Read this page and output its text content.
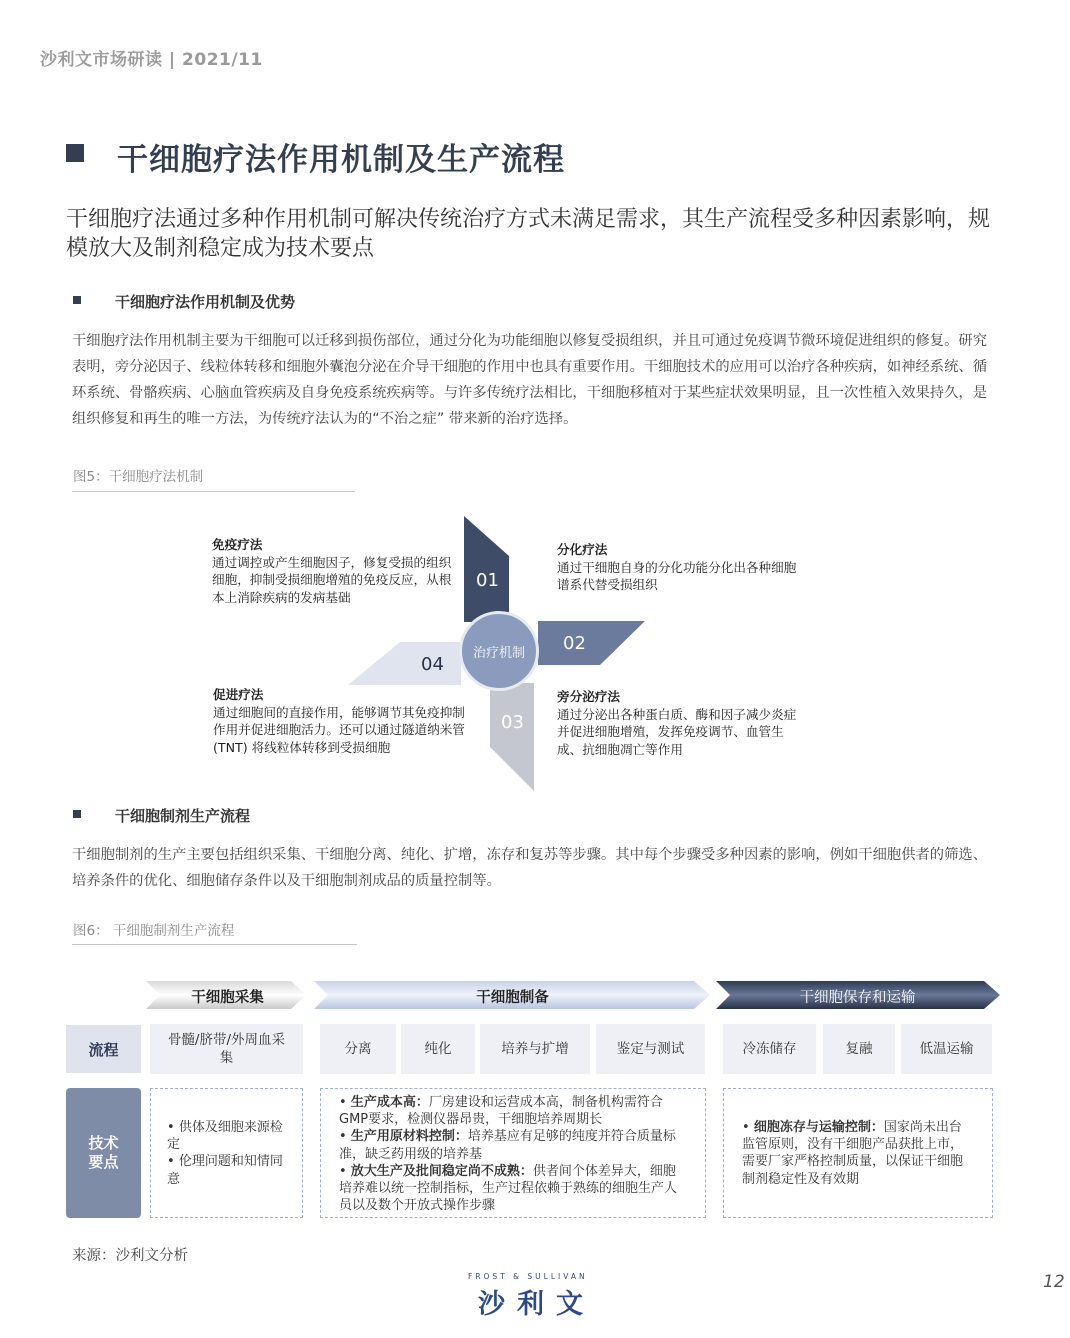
沙利文市场研读 | 2021/11
干细胞疗法作用机制及生产流程
干细胞疗法通过多种作用机制可解决传统治疗方式未满足需求，其生产流程受多种因素影响，规模放大及制剂稳定成为技术要点
干细胞疗法作用机制及优势
干细胞疗法作用机制主要为干细胞可以迁移到损伤部位，通过分化为功能细胞以修复受损组织，并且可通过免疫调节微环境促进组织的修复。研究表明，旁分泌因子、线粒体转移和细胞外囊泡分泌在介导干细胞的作用中也具有重要作用。干细胞技术的应用可以治疗各种疾病，如神经系统、循环系统、骨骼疾病、心脑血管疾病及自身免疫系统疾病等。与许多传统疗法相比，干细胞移植对于某些症状效果明显，且一次性植入效果持久，是组织修复和再生的唯一方法，为传统疗法认为的“不治之症” 带来新的治疗选择。
图5：干细胞疗法机制
01
02
03
04
治疗机制
免疫疗法
通过调控或产生细胞因子，修复受损的组织细胞，抑制受损细胞增殖的免疫反应，从根本上消除疾病的发病基础
分化疗法
通过干细胞自身的分化功能分化出各种细胞谱系代替受损组织
旁分泌疗法
通过分泌出各种蛋白质、酶和因子减少炎症并促进细胞增殖，发挥免疫调节、血管生成、抗细胞凋亡等作用
促进疗法
通过细胞间的直接作用，能够调节其免疫抑制作用并促进细胞活力。还可以通过隧道纳米管 (TNT) 将线粒体转移到受损细胞
干细胞制剂生产流程
干细胞制剂的生产主要包括组织采集、干细胞分离、纯化、扩增，冻存和复苏等步骤。其中每个步骤受多种因素的影响，例如干细胞供者的筛选、培养条件的优化、细胞储存条件以及干细胞制剂成品的质量控制等。
图6： 干细胞制剂生产流程
干细胞采集	干细胞制备	干细胞保存和运输
流程
骨髓/脐带/外周血采集
分离	纯化	培养与扩增	鉴定与测试	冷冻储存	复融	低温运输
技术
要点
• 供体及细胞来源检定
• 伦理问题和知情同意
• 生产成本高：厂房建设和运营成本高，制备机构需符合GMP要求，检测仪器昂贵，干细胞培养周期长
• 生产用原材料控制：培养基应有足够的纯度并符合质量标准，缺乏药用级的培养基
• 放大生产及批间稳定尚不成熟：供者间个体差异大，细胞培养难以统一控制指标，生产过程依赖于熟练的细胞生产人员以及数个开放式操作步骤
• 细胞冻存与运输控制：国家尚未出台监管原则，没有干细胞产品获批上市，需要厂家严格控制质量，以保证干细胞制剂稳定性及有效期
来源：沙利文分析
FROST & SULLIVAN
沙利文
12
